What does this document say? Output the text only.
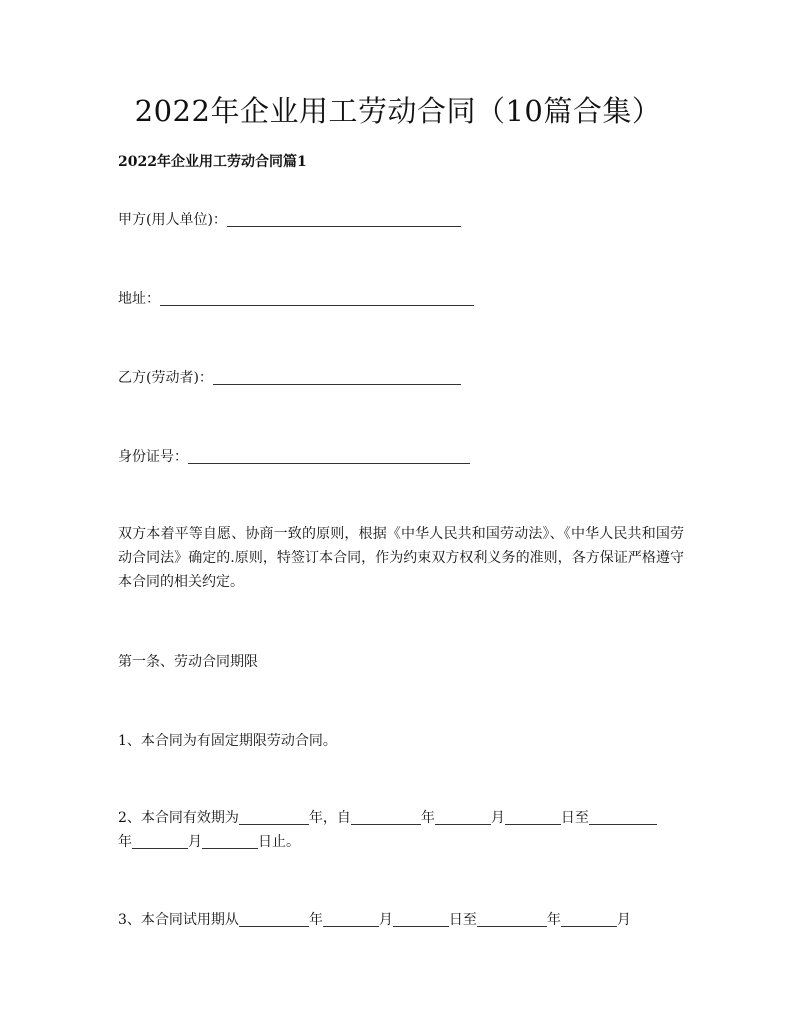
2022年企业用工劳动合同（10篇合集）
2022年企业用工劳动合同篇1
甲方(用人单位)：
地址：
乙方(劳动者)：
身份证号：
双方本着平等自愿、协商一致的原则，根据《中华人民共和国劳动法》、《中华人民共和国劳动合同法》确定的.原则，特签订本合同，作为约束双方权利义务的准则，各方保证严格遵守本合同的相关约定。
第一条、劳动合同期限
1、本合同为有固定期限劳动合同。
2、本合同有效期为	年，自	年	月	日至
年	月	日止。
3、本合同试用期从	年	月	日至	年	月
